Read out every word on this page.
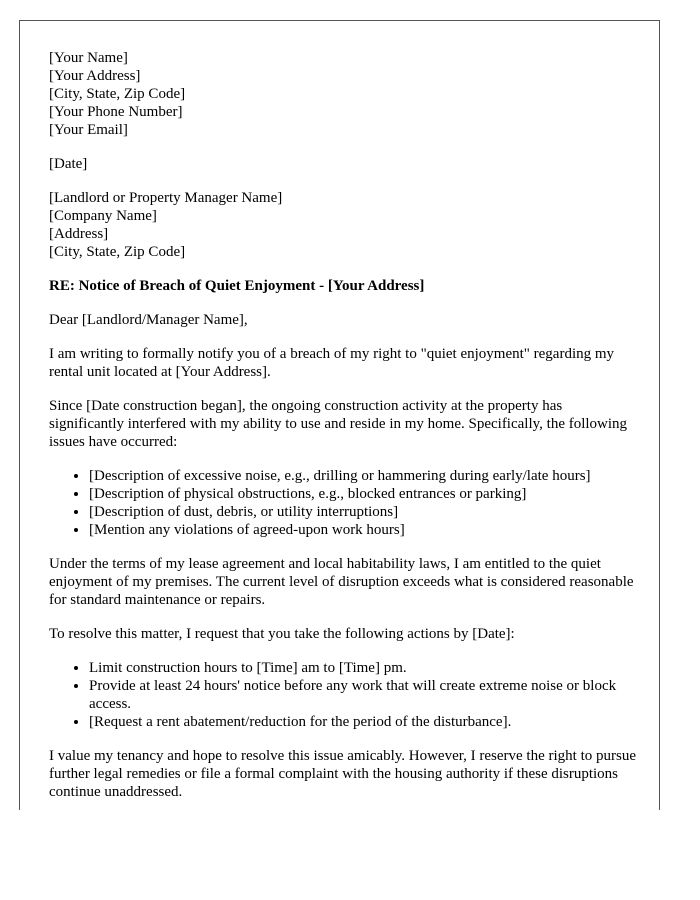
[Your Name]
[Your Address]
[City, State, Zip Code]
[Your Phone Number]
[Your Email]
[Date]
[Landlord or Property Manager Name]
[Company Name]
[Address]
[City, State, Zip Code]

RE: Notice of Breach of Quiet Enjoyment - [Your Address]

Dear [Landlord/Manager Name],

I am writing to formally notify you of a breach of my right to "quiet enjoyment" regarding my rental unit located at [Your Address].

Since [Date construction began], the ongoing construction activity at the property has significantly interfered with my ability to use and reside in my home. Specifically, the following issues have occurred:

• [Description of excessive noise, e.g., drilling or hammering during early/late hours]
• [Description of physical obstructions, e.g., blocked entrances or parking]
• [Description of dust, debris, or utility interruptions]
• [Mention any violations of agreed-upon work hours]

Under the terms of my lease agreement and local habitability laws, I am entitled to the quiet enjoyment of my premises. The current level of disruption exceeds what is considered reasonable for standard maintenance or repairs.

To resolve this matter, I request that you take the following actions by [Date]:

• Limit construction hours to [Time] am to [Time] pm.
• Provide at least 24 hours' notice before any work that will create extreme noise or block access.
• [Request a rent abatement/reduction for the period of the disturbance].

I value my tenancy and hope to resolve this issue amicably. However, I reserve the right to pursue further legal remedies or file a formal complaint with the housing authority if these disruptions continue unaddressed.
